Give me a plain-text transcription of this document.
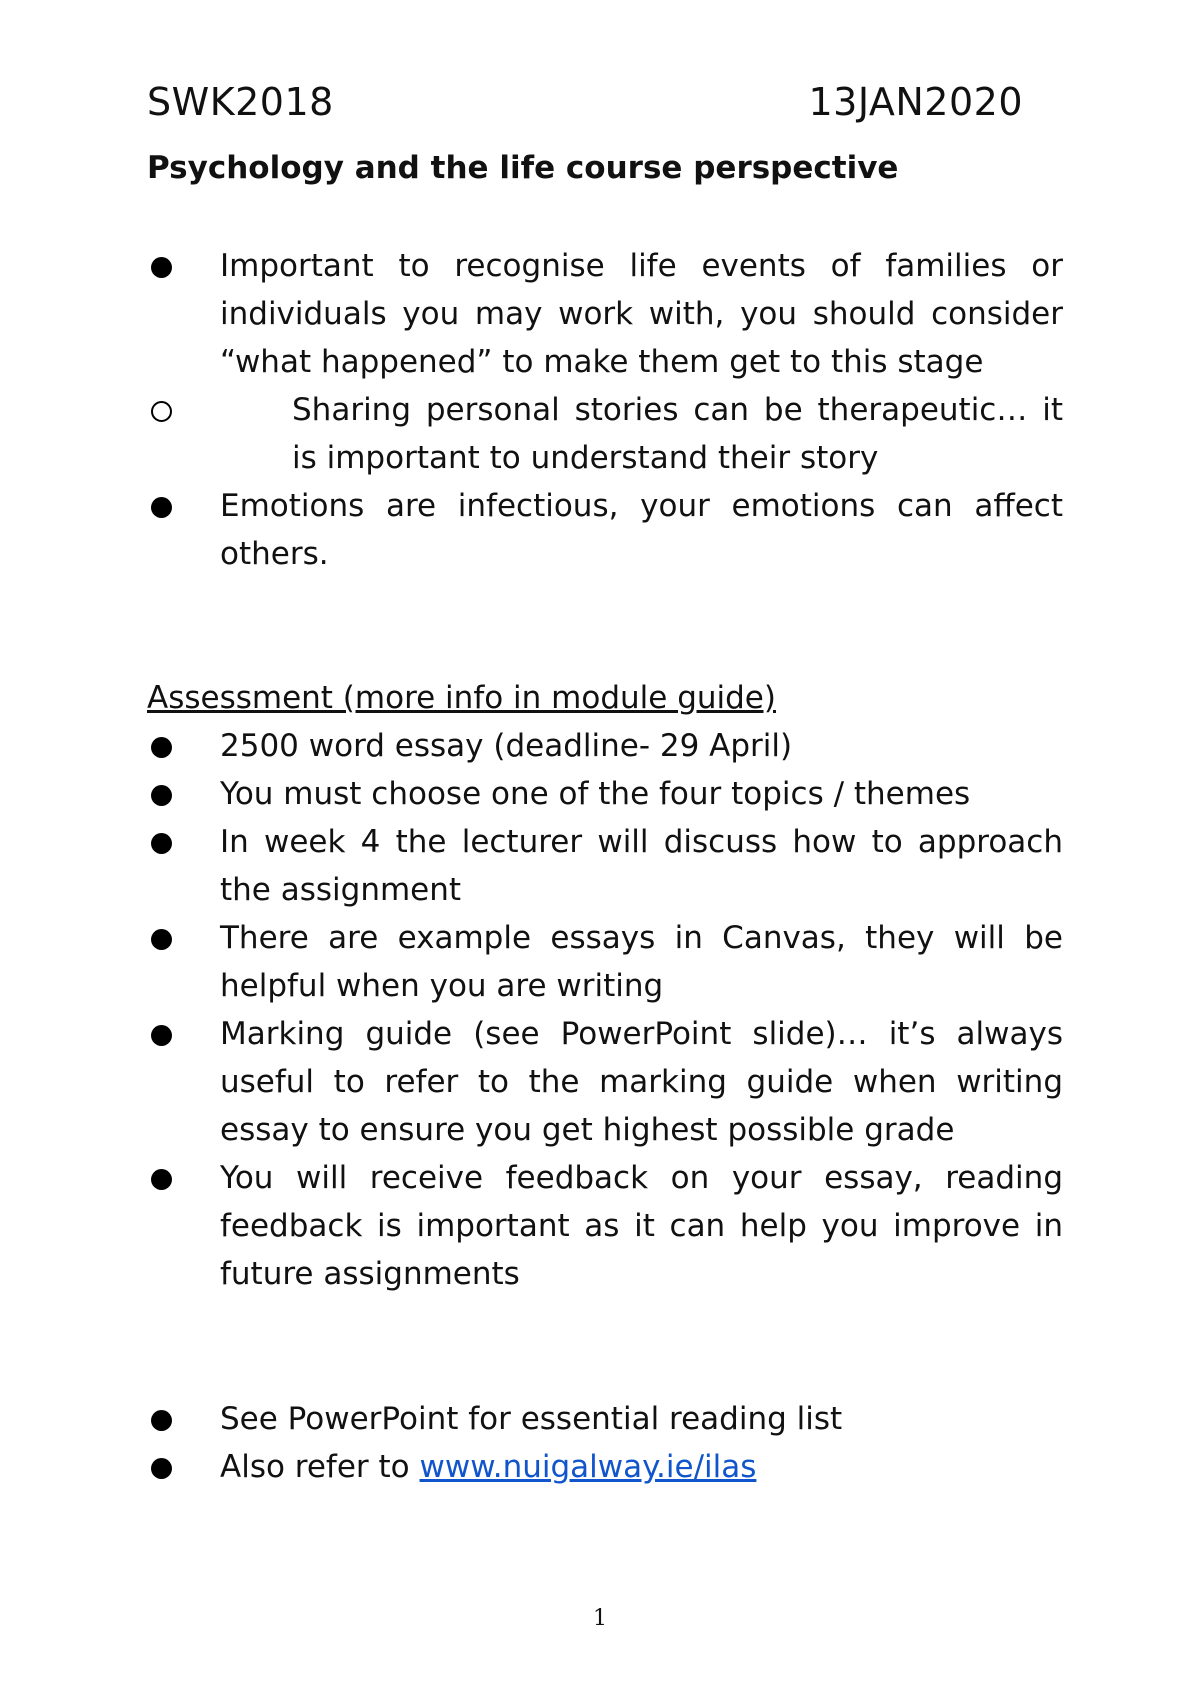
SWK2018	13JAN2020
Psychology and the life course perspective
Important to recognise life events of families or individuals you may work with, you should consider “what happened” to make them get to this stage
Sharing personal stories can be therapeutic… it is important to understand their story
Emotions are infectious, your emotions can affect others.
Assessment (more info in module guide)
2500 word essay (deadline- 29 April)
You must choose one of the four topics / themes
In week 4 the lecturer will discuss how to approach the assignment
There are example essays in Canvas, they will be helpful when you are writing
Marking guide (see PowerPoint slide)… it’s always useful to refer to the marking guide when writing essay to ensure you get highest possible grade
You will receive feedback on your essay, reading feedback is important as it can help you improve in future assignments
See PowerPoint for essential reading list
Also refer to www.nuigalway.ie/ilas
1
